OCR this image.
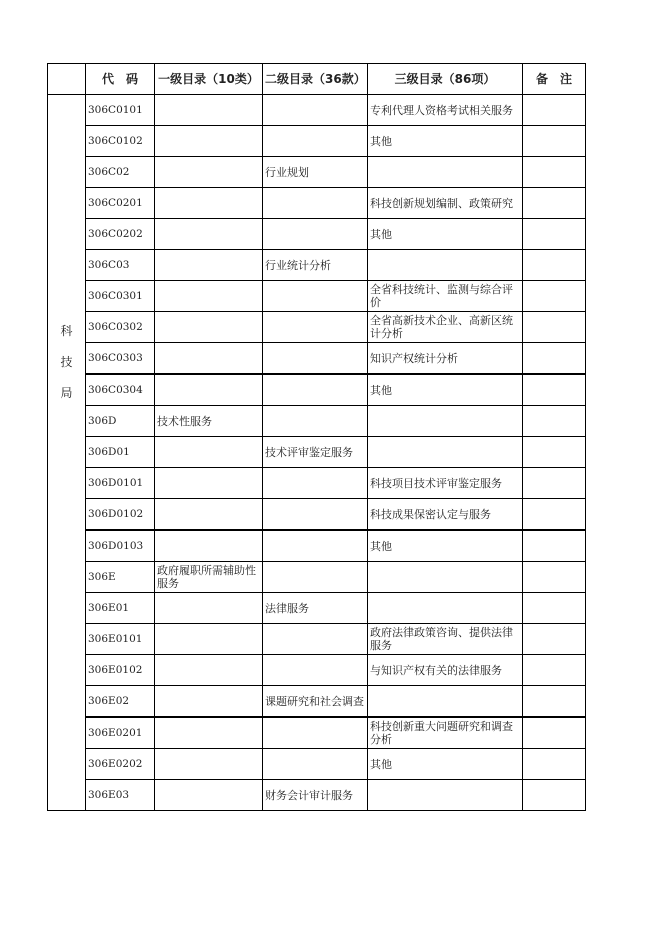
	代　码	一级目录（10类）	二级目录（36款）	三级目录（86项）	备　注

科
技
局	306C0101			专利代理人资格考试相关服务	
	306C0102			其他	
	306C02		行业规划		
	306C0201			科技创新规划编制、政策研究	
	306C0202			其他	
	306C03		行业统计分析		
	306C0301			全省科技统计、监测与综合评价	
	306C0302			全省高新技术企业、高新区统计分析	
	306C0303			知识产权统计分析	
	306C0304			其他	
	306D	技术性服务			
	306D01		技术评审鉴定服务		
	306D0101			科技项目技术评审鉴定服务	
	306D0102			科技成果保密认定与服务	
	306D0103			其他	
	306E	政府履职所需辅助性服务			
	306E01		法律服务		
	306E0101			政府法律政策咨询、提供法律服务	
	306E0102			与知识产权有关的法律服务	
	306E02		课题研究和社会调查		
	306E0201			科技创新重大问题研究和调查分析	
	306E0202			其他	
	306E03		财务会计审计服务		
